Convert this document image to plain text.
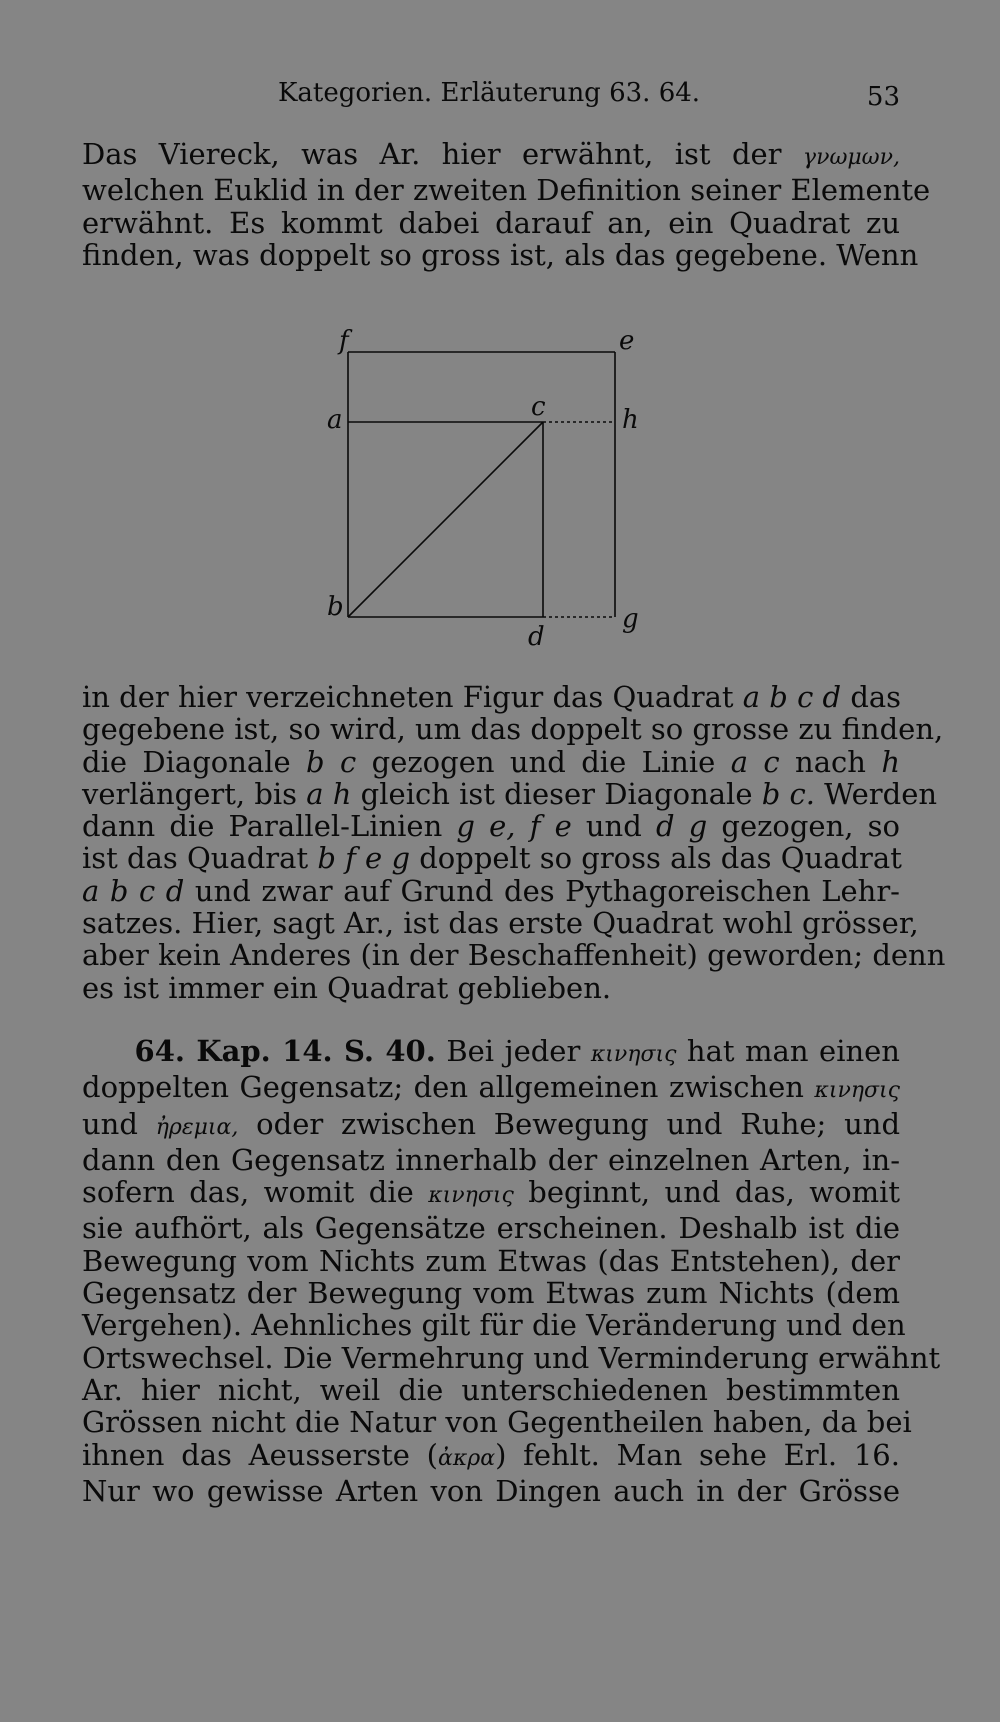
Kategorien. Erläuterung 63. 64.	53
Das Viereck, was Ar. hier erwähnt, ist der γνωμων,
welchen Euklid in der zweiten Definition seiner Elemente
erwähnt. Es kommt dabei darauf an, ein Quadrat zu
finden, was doppelt so gross ist, als das gegebene. Wenn
f	e
a	c	h
b
d
g
in der hier verzeichneten Figur das Quadrat a b c d das
gegebene ist, so wird, um das doppelt so grosse zu finden,
die Diagonale b c gezogen und die Linie a c nach h
verlängert, bis a h gleich ist dieser Diagonale b c. Werden
dann die Parallel-Linien g e, f e und d g gezogen, so
ist das Quadrat b f e g doppelt so gross als das Quadrat
a b c d und zwar auf Grund des Pythagoreischen Lehr-
satzes. Hier, sagt Ar., ist das erste Quadrat wohl grösser,
aber kein Anderes (in der Beschaffenheit) geworden; denn
es ist immer ein Quadrat geblieben.
64. Kap. 14. S. 40. Bei jeder κινησις hat man einen
doppelten Gegensatz; den allgemeinen zwischen κινησις
und ἠρεμια, oder zwischen Bewegung und Ruhe; und
dann den Gegensatz innerhalb der einzelnen Arten, in-
sofern das, womit die κινησις beginnt, und das, womit
sie aufhört, als Gegensätze erscheinen. Deshalb ist die
Bewegung vom Nichts zum Etwas (das Entstehen), der
Gegensatz der Bewegung vom Etwas zum Nichts (dem
Vergehen). Aehnliches gilt für die Veränderung und den
Ortswechsel. Die Vermehrung und Verminderung erwähnt
Ar. hier nicht, weil die unterschiedenen bestimmten
Grössen nicht die Natur von Gegentheilen haben, da bei
ihnen das Aeusserste (ἀκρα) fehlt. Man sehe Erl. 16.
Nur wo gewisse Arten von Dingen auch in der Grösse
